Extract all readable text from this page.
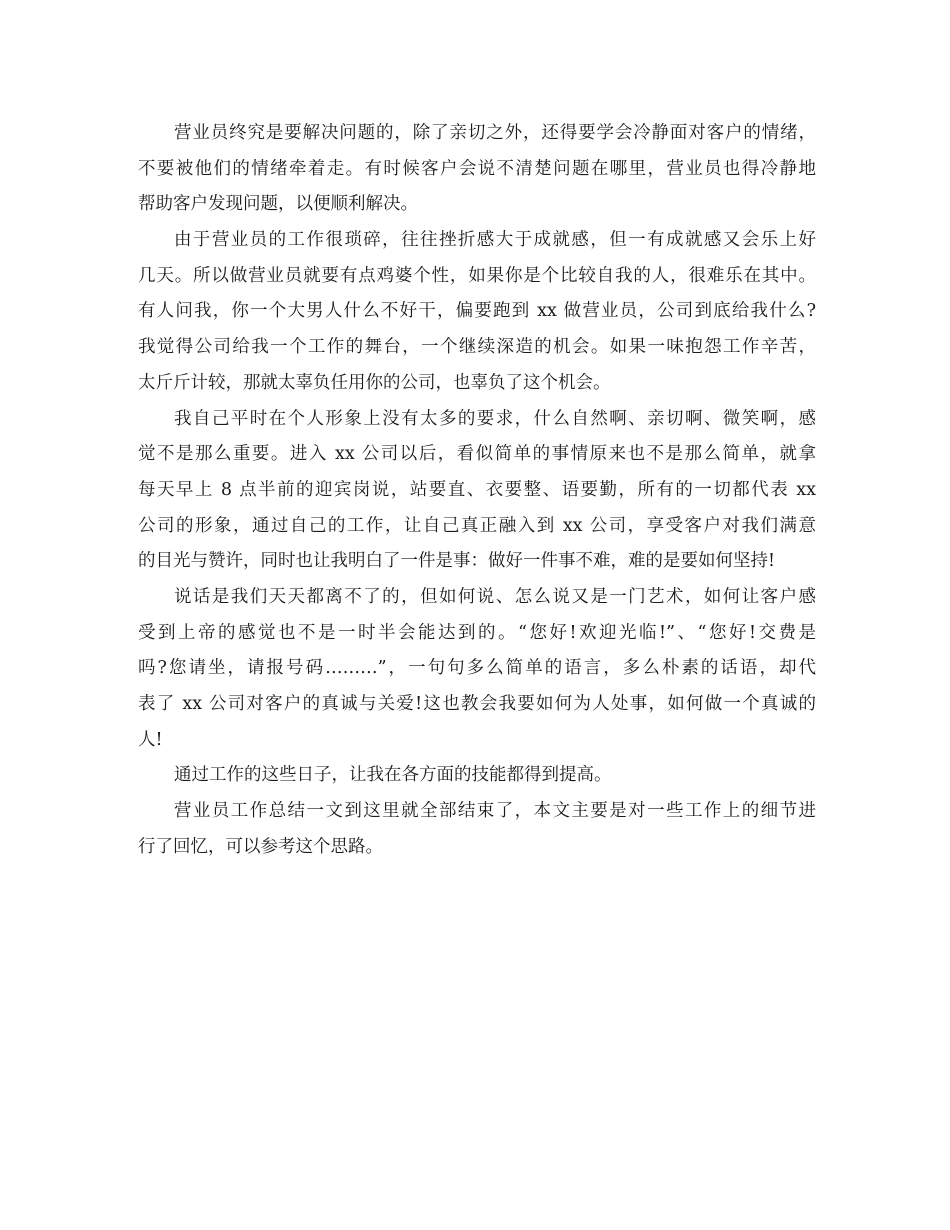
营业员终究是要解决问题的，除了亲切之外，还得要学会冷静面对客户的情绪，
不要被他们的情绪牵着走。有时候客户会说不清楚问题在哪里，营业员也得冷静地
帮助客户发现问题，以便顺利解决。
由于营业员的工作很琐碎，往往挫折感大于成就感，但一有成就感又会乐上好
几天。所以做营业员就要有点鸡婆个性，如果你是个比较自我的人，很难乐在其中。
有人问我，你一个大男人什么不好干，偏要跑到 xx 做营业员，公司到底给我什么?
我觉得公司给我一个工作的舞台，一个继续深造的机会。如果一味抱怨工作辛苦，
太斤斤计较，那就太辜负任用你的公司，也辜负了这个机会。
我自己平时在个人形象上没有太多的要求，什么自然啊、亲切啊、微笑啊，感
觉不是那么重要。进入 xx 公司以后，看似简单的事情原来也不是那么简单，就拿
每天早上 8 点半前的迎宾岗说，站要直、衣要整、语要勤，所有的一切都代表 xx
公司的形象，通过自己的工作，让自己真正融入到 xx 公司，享受客户对我们满意
的目光与赞许，同时也让我明白了一件是事：做好一件事不难，难的是要如何坚持!
说话是我们天天都离不了的，但如何说、怎么说又是一门艺术，如何让客户感
受到上帝的感觉也不是一时半会能达到的。“您好!欢迎光临!”、“您好!交费是
吗?您请坐，请报号码………”，一句句多么简单的语言，多么朴素的话语，却代
表了 xx 公司对客户的真诚与关爱!这也教会我要如何为人处事，如何做一个真诚的
人!
通过工作的这些日子，让我在各方面的技能都得到提高。
营业员工作总结一文到这里就全部结束了，本文主要是对一些工作上的细节进
行了回忆，可以参考这个思路。
